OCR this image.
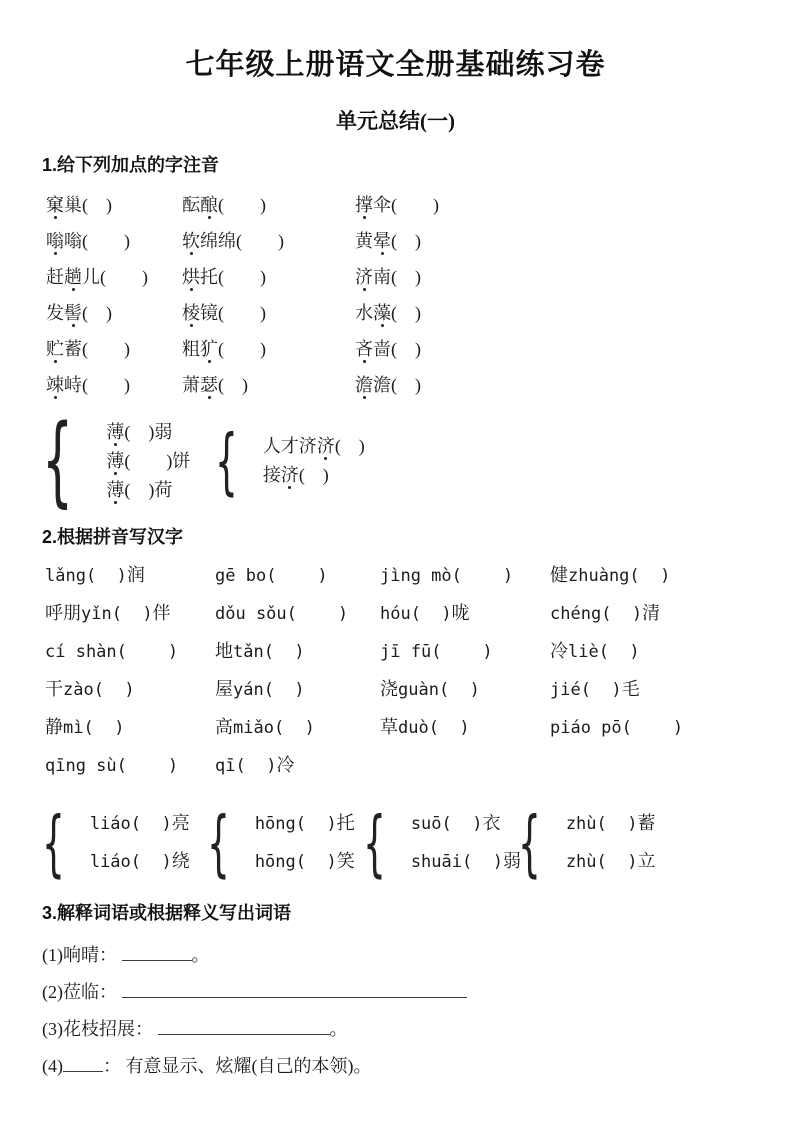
七年级上册语文全册基础练习卷
单元总结(一)
1.给下列加点的字注音
窠巢(　)	酝酿(　　)	撑伞(　　)
嗡嗡(　　)	软绵绵(　　)	黄晕(　)
赶趟儿(　　)	烘托(　　)	济南(　)
发髻(　)	棱镜(　　)	水藻(　)
贮蓄(　　)	粗犷(　　)	吝啬(　)
竦峙(　　)	萧瑟(　)	澹澹(　)
{ 薄(　)弱
薄(　　)饼
薄(　)荷 { 人才济济(　)
接济(　)
2.根据拼音写汉字
lǎng(  )润	gē bo(    )	jìng mò(    )	健zhuàng(  )
呼朋yǐn(  )伴	dǒu sǒu(    )	hóu(  )咙	chéng(  )清
cí shàn(    )	地tǎn(  )	jī fū(    )	冷liè(  )
干zào(  )	屋yán(  )	浇guàn(  )	jié(  )毛
静mì(  )	高miǎo(  )	草duò(  )	piáo pō(    )
qīng sù(    )	qī(  )冷
{ liáo(  )亮
liáo(  )绕 { hōng(  )托
hōng(  )笑 { suō(  )衣
shuāi(  )弱
{ zhù(  )蓄
zhù(  )立
3.解释词语或根据释义写出词语
(1)响晴：	。
(2)莅临：
(3)花枝招展：	。
(4) ： 有意显示、炫耀(自己的本领)。
